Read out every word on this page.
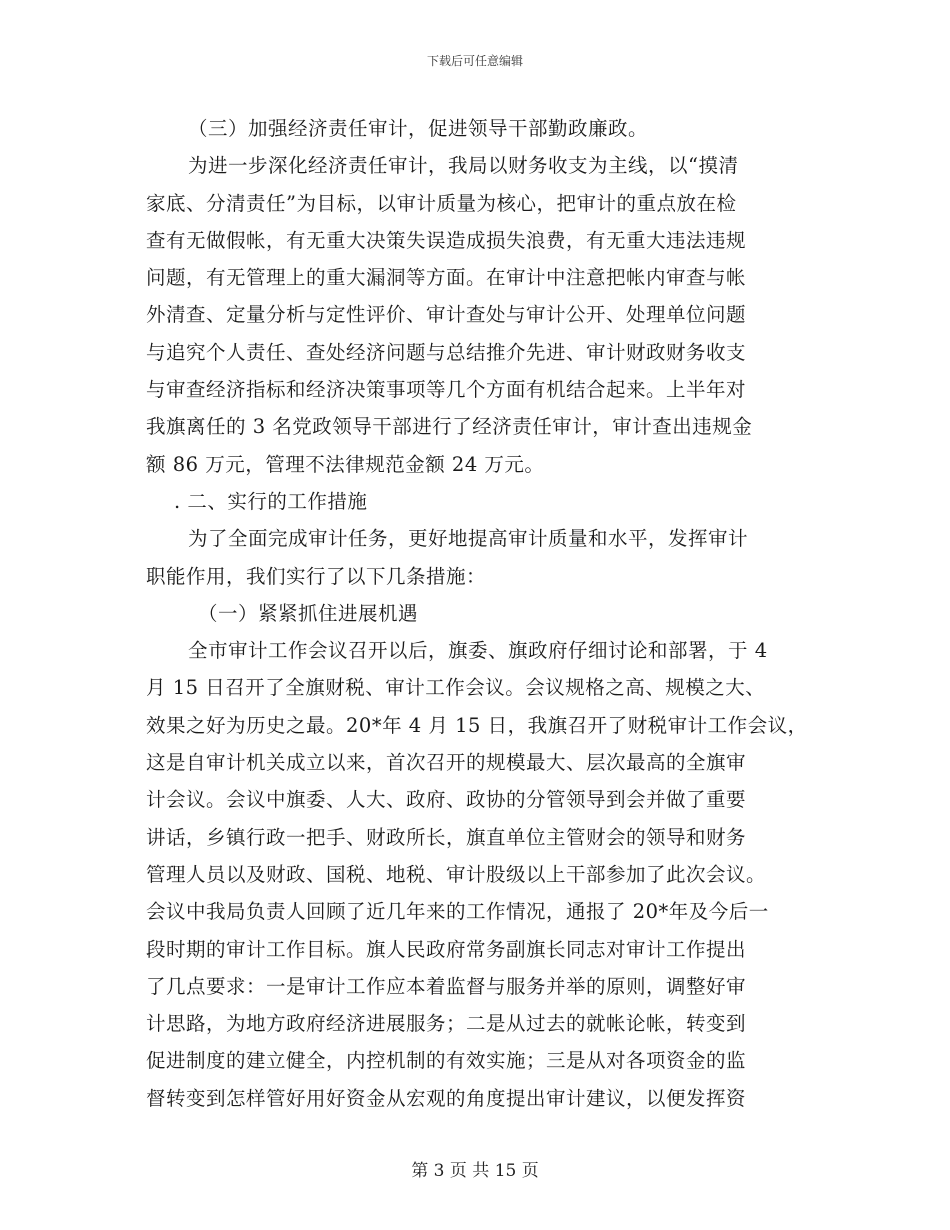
下载后可任意编辑
（三）加强经济责任审计，促进领导干部勤政廉政。
为进一步深化经济责任审计，我局以财务收支为主线，以“摸清
家底、分清责任”为目标，以审计质量为核心，把审计的重点放在检
查有无做假帐，有无重大决策失误造成损失浪费，有无重大违法违规
问题，有无管理上的重大漏洞等方面。在审计中注意把帐内审查与帐
外清查、定量分析与定性评价、审计查处与审计公开、处理单位问题
与追究个人责任、查处经济问题与总结推介先进、审计财政财务收支
与审查经济指标和经济决策事项等几个方面有机结合起来。上半年对
我旗离任的 3 名党政领导干部进行了经济责任审计，审计查出违规金
额 86 万元，管理不法律规范金额 24 万元。
. 二、实行的工作措施
为了全面完成审计任务，更好地提高审计质量和水平，发挥审计
职能作用，我们实行了以下几条措施：
（一）紧紧抓住进展机遇
全市审计工作会议召开以后，旗委、旗政府仔细讨论和部署，于 4
月 15 日召开了全旗财税、审计工作会议。会议规格之高、规模之大、
效果之好为历史之最。20*年 4 月 15 日，我旗召开了财税审计工作会议，
这是自审计机关成立以来，首次召开的规模最大、层次最高的全旗审
计会议。会议中旗委、人大、政府、政协的分管领导到会并做了重要
讲话，乡镇行政一把手、财政所长，旗直单位主管财会的领导和财务
管理人员以及财政、国税、地税、审计股级以上干部参加了此次会议。
会议中我局负责人回顾了近几年来的工作情况，通报了 20*年及今后一
段时期的审计工作目标。旗人民政府常务副旗长同志对审计工作提出
了几点要求：一是审计工作应本着监督与服务并举的原则，调整好审
计思路，为地方政府经济进展服务；二是从过去的就帐论帐，转变到
促进制度的建立健全，内控机制的有效实施；三是从对各项资金的监
督转变到怎样管好用好资金从宏观的角度提出审计建议，以便发挥资
第 3 页 共 15 页
